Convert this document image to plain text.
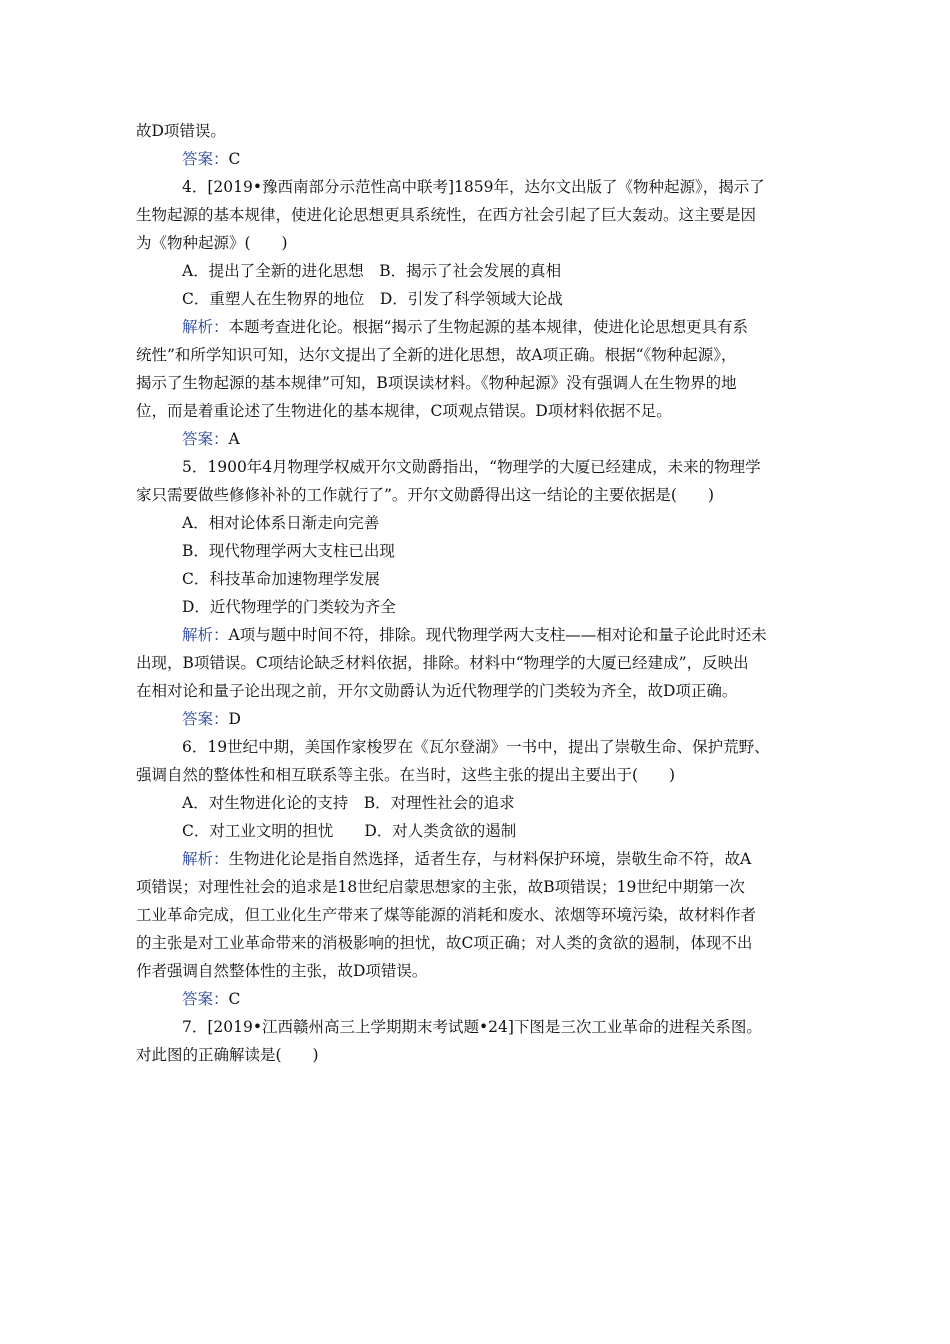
故D项错误。
答案：C
4．[2019•豫西南部分示范性高中联考]1859年，达尔文出版了《物种起源》，揭示了
生物起源的基本规律，使进化论思想更具系统性，在西方社会引起了巨大轰动。这主要是因
为《物种起源》(　　)
A．提出了全新的进化思想　B．揭示了社会发展的真相
C．重塑人在生物界的地位　D．引发了科学领域大论战
解析：本题考查进化论。根据“揭示了生物起源的基本规律，使进化论思想更具有系
统性”和所学知识可知，达尔文提出了全新的进化思想，故A项正确。根据“《物种起源》，
揭示了生物起源的基本规律”可知，B项误读材料。《物种起源》没有强调人在生物界的地
位，而是着重论述了生物进化的基本规律，C项观点错误。D项材料依据不足。
答案：A
5．1900年4月物理学权威开尔文勋爵指出，“物理学的大厦已经建成，未来的物理学
家只需要做些修修补补的工作就行了”。开尔文勋爵得出这一结论的主要依据是(　　)
A．相对论体系日渐走向完善
B．现代物理学两大支柱已出现
C．科技革命加速物理学发展
D．近代物理学的门类较为齐全
解析：A项与题中时间不符，排除。现代物理学两大支柱——相对论和量子论此时还未
出现，B项错误。C项结论缺乏材料依据，排除。材料中“物理学的大厦已经建成”，反映出
在相对论和量子论出现之前，开尔文勋爵认为近代物理学的门类较为齐全，故D项正确。
答案：D
6．19世纪中期，美国作家梭罗在《瓦尔登湖》一书中，提出了崇敬生命、保护荒野、
强调自然的整体性和相互联系等主张。在当时，这些主张的提出主要出于(　　)
A．对生物进化论的支持　B．对理性社会的追求
C．对工业文明的担忧　　D．对人类贪欲的遏制
解析：生物进化论是指自然选择，适者生存，与材料保护环境，崇敬生命不符，故A
项错误；对理性社会的追求是18世纪启蒙思想家的主张，故B项错误；19世纪中期第一次
工业革命完成，但工业化生产带来了煤等能源的消耗和废水、浓烟等环境污染，故材料作者
的主张是对工业革命带来的消极影响的担忧，故C项正确；对人类的贪欲的遏制，体现不出
作者强调自然整体性的主张，故D项错误。
答案：C
7．[2019•江西赣州高三上学期期末考试题•24]下图是三次工业革命的进程关系图。
对此图的正确解读是(　　)
